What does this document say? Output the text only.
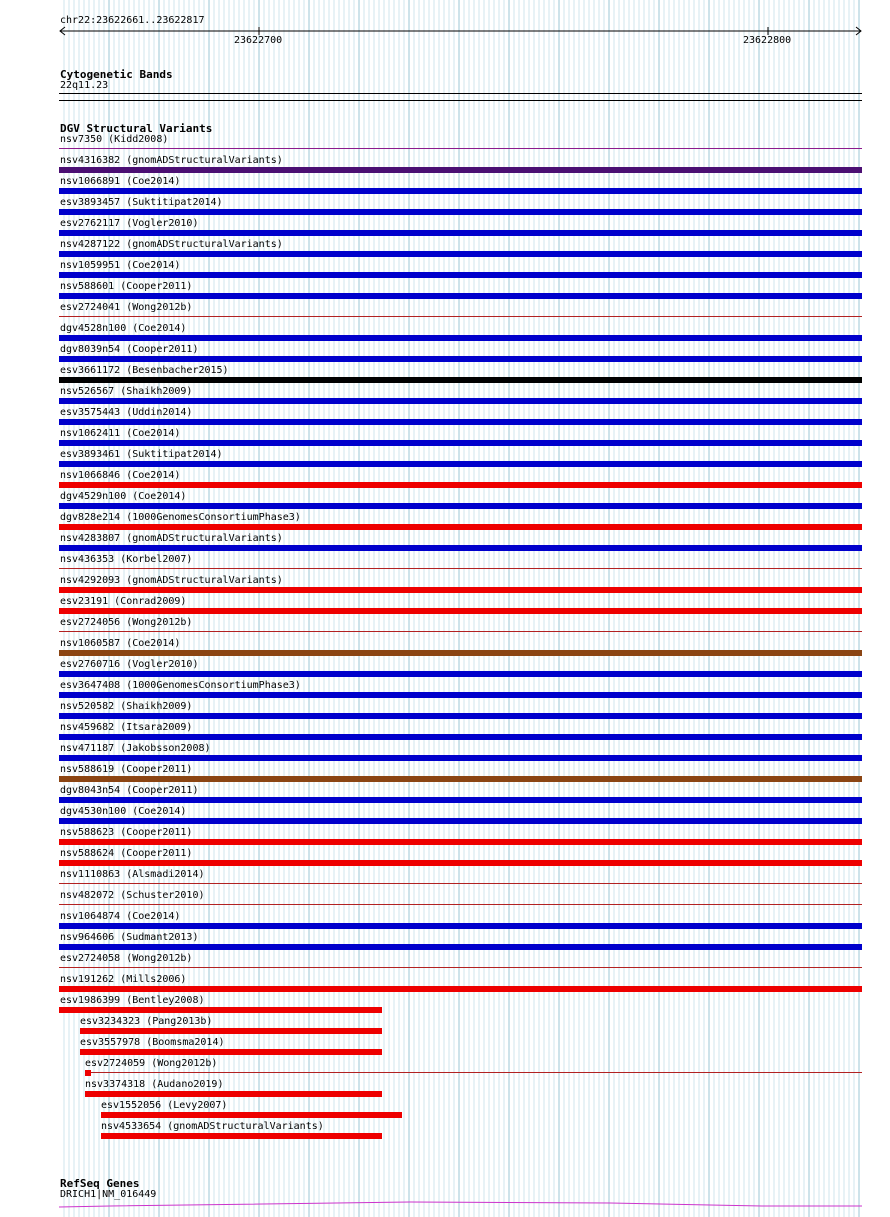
chr22:23622661..23622817
23622700	23622800
Cytogenetic Bands
22q11.23
DGV Structural Variants
nsv7350 (Kidd2008)
nsv4316382 (gnomADStructuralVariants)
nsv1066891 (Coe2014)
esv3893457 (Suktitipat2014)
esv2762117 (Vogler2010)
nsv4287122 (gnomADStructuralVariants)
nsv1059951 (Coe2014)
nsv588601 (Cooper2011)
esv2724041 (Wong2012b)
dgv4528n100 (Coe2014)
dgv8039n54 (Cooper2011)
esv3661172 (Besenbacher2015)
nsv526567 (Shaikh2009)
esv3575443 (Uddin2014)
nsv1062411 (Coe2014)
esv3893461 (Suktitipat2014)
nsv1066846 (Coe2014)
dgv4529n100 (Coe2014)
dgv828e214 (1000GenomesConsortiumPhase3)
nsv4283807 (gnomADStructuralVariants)
nsv436353 (Korbel2007)
nsv4292093 (gnomADStructuralVariants)
esv23191 (Conrad2009)
esv2724056 (Wong2012b)
nsv1060587 (Coe2014)
esv2760716 (Vogler2010)
esv3647408 (1000GenomesConsortiumPhase3)
nsv520582 (Shaikh2009)
nsv459682 (Itsara2009)
nsv471187 (Jakobsson2008)
nsv588619 (Cooper2011)
dgv8043n54 (Cooper2011)
dgv4530n100 (Coe2014)
nsv588623 (Cooper2011)
nsv588624 (Cooper2011)
nsv1110863 (Alsmadi2014)
nsv482072 (Schuster2010)
nsv1064874 (Coe2014)
nsv964606 (Sudmant2013)
esv2724058 (Wong2012b)
nsv191262 (Mills2006)
esv1986399 (Bentley2008)
esv3234323 (Pang2013b)
esv3557978 (Boomsma2014)
esv2724059 (Wong2012b)
nsv3374318 (Audano2019)
esv1552056 (Levy2007)
nsv4533654 (gnomADStructuralVariants)
RefSeq Genes
DRICH1|NM_016449
